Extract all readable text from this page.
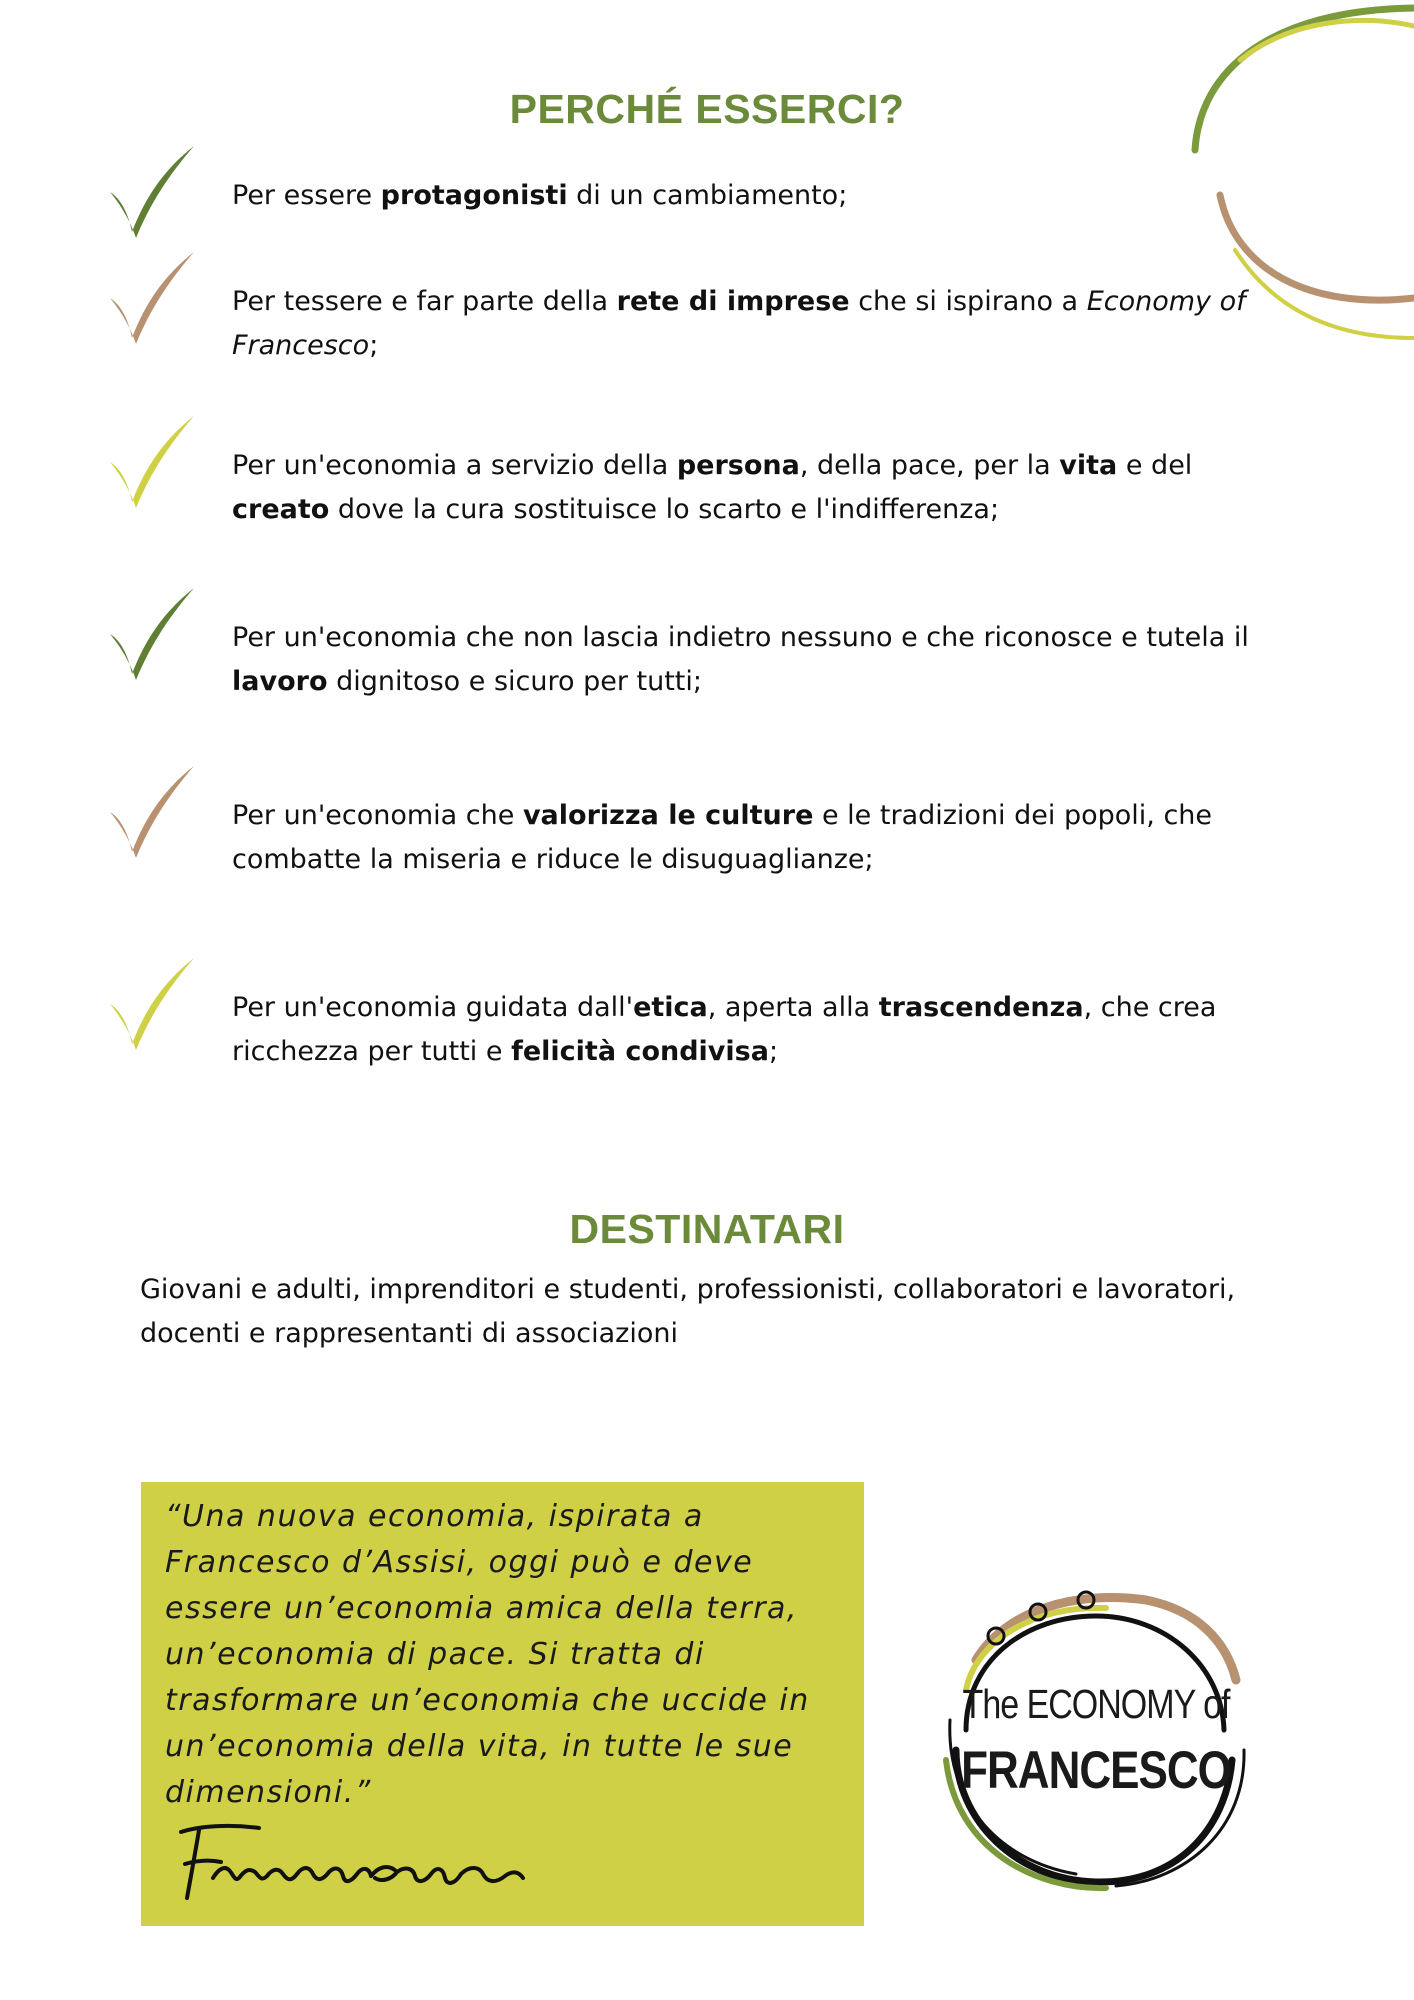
PERCHÉ ESSERCI?

Per essere protagonisti di un cambiamento;

Per tessere e far parte della rete di imprese che si ispirano a Economy of Francesco;

Per un'economia a servizio della persona, della pace, per la vita e del creato dove la cura sostituisce lo scarto e l'indifferenza;

Per un'economia che non lascia indietro nessuno e che riconosce e tutela il lavoro dignitoso e sicuro per tutti;

Per un'economia che valorizza le culture e le tradizioni dei popoli, che combatte la miseria e riduce le disuguaglianze;

Per un'economia guidata dall'etica, aperta alla trascendenza, che crea ricchezza per tutti e felicità condivisa;

DESTINATARI

Giovani e adulti, imprenditori e studenti, professionisti, collaboratori e lavoratori, docenti e rappresentanti di associazioni

“Una nuova economia, ispirata a Francesco d’Assisi, oggi può e deve essere un’economia amica della terra, un’economia di pace. Si tratta di trasformare un’economia che uccide in un’economia della vita, in tutte le sue dimensioni.”

The ECONOMY of
FRANCESCO
